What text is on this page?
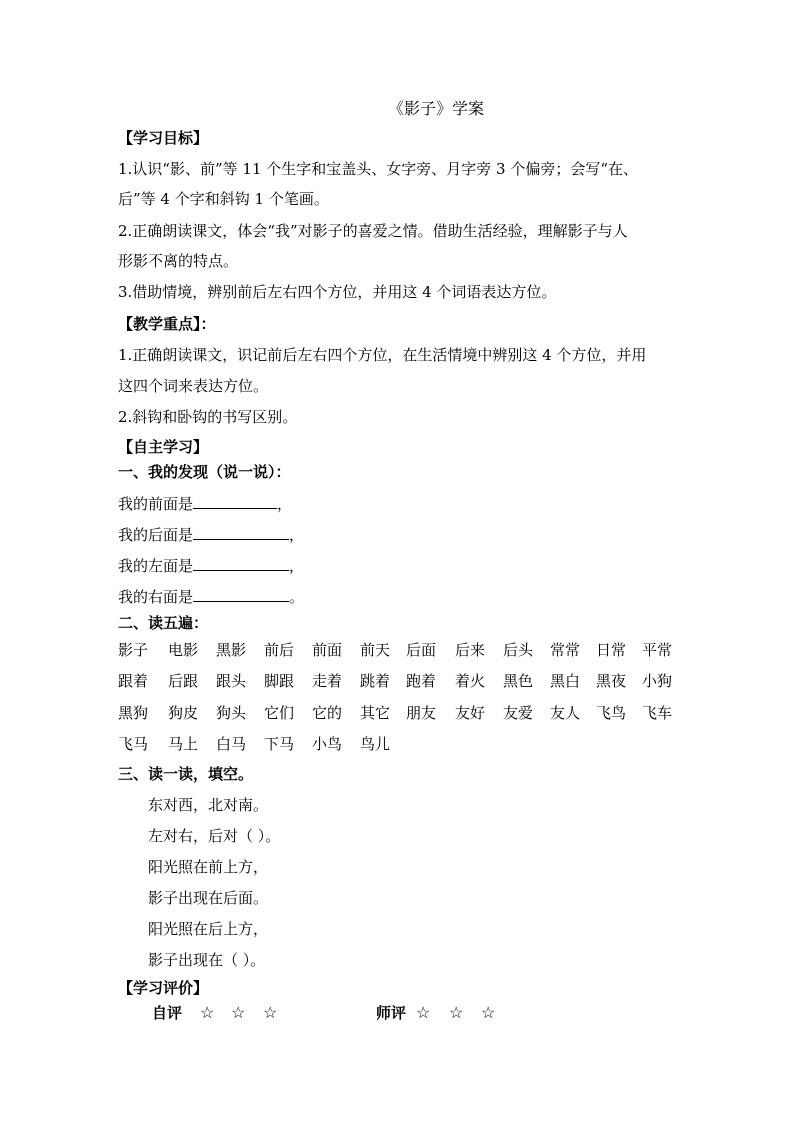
《影子》学案
【学习目标】
1.认识“影、前”等 11 个生字和宝盖头、女字旁、月字旁 3 个偏旁；会写“在、
后”等 4 个字和斜钩 1 个笔画。
2.正确朗读课文，体会“我”对影子的喜爱之情。借助生活经验，理解影子与人
形影不离的特点。
3.借助情境，辨别前后左右四个方位，并用这 4 个词语表达方位。
【教学重点】：
1.正确朗读课文，识记前后左右四个方位，在生活情境中辨别这 4 个方位，并用
这四个词来表达方位。
2.斜钩和卧钩的书写区别。
【自主学习】
一、我的发现（说一说）：
我的前面是	，
我的后面是	，
我的左面是	，
我的右面是	。
二、读五遍：
影子 电影 黑影 前后 前面 前天 后面 后来 后头 常常 日常 平常
跟着 后跟 跟头 脚跟 走着 跳着 跑着 着火 黑色 黑白 黑夜 小狗
黑狗 狗皮 狗头 它们 它的 其它 朋友 友好 友爱 友人 飞鸟 飞车
飞马 马上 白马 下马 小鸟 鸟儿
三、读一读，填空。
东对西，北对南。
左对右，后对（ ）。
阳光照在前上方，
影子出现在后面。
阳光照在后上方，
影子出现在（ ）。
【学习评价】
自评 ☆ ☆ ☆	师评 ☆ ☆ ☆
